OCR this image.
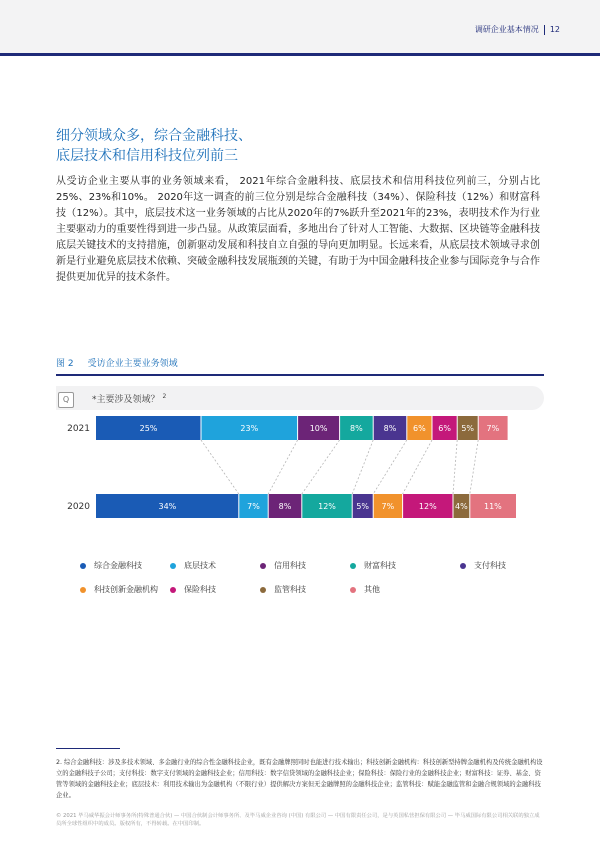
调研企业基本情况 12
细分领域众多，综合金融科技、
底层技术和信用科技位列前三
从受访企业主要从事的业务领域来看， 2021年综合金融科技、底层技术和信用科技位列前三，分别占比25%、23%和10%。 2020年这一调查的前三位分别是综合金融科技（34%）、保险科技（12%）和财富科技（12%）。其中，底层技术这一业务领域的占比从2020年的7%跃升至2021年的23%，表明技术作为行业主要驱动力的重要性得到进一步凸显。从政策层面看，多地出台了针对人工智能、大数据、区块链等金融科技底层关键技术的支持措施，创新驱动发展和科技自立自强的导向更加明显。长远来看，从底层技术领域寻求创新是行业避免底层技术依赖、突破金融科技发展瓶颈的关键，有助于为中国金融科技企业参与国际竞争与合作提供更加优异的技术条件。
图 2 受访企业主要业务领域
Q	*主要涉及领域？ $^2$
2021	25%	23%	10%	8%	8% 6% 6% 5% 7%
2020	34%	7% 8%	12%	5% 7%	12% 4% 11%
综合金融科技	底层技术	信用科技	财富科技	支付科技
科技创新金融机构	保险科技	监管科技	其他
2. 综合金融科技：涉及多技术领域、多金融行业的综合性金融科技企业，既有金融牌照同时也能进行技术输出；科技创新金融机构：科技创新型持牌金融机构及传统金融机构设立的金融科技子公司；支付科技：数字支付领域的金融科技企业；信用科技：数字信贷领域的金融科技企业；保险科技：保险行业的金融科技企业；财富科技：证券、基金、资管等领域的金融科技企业；底层技术：利用技术输出为金融机构（不限行业）提供解决方案但无金融牌照的金融科技企业；监管科技：赋能金融监管和金融合规领域的金融科技企业。
© 2021 毕马威华振会计师事务所(特殊普通合伙) — 中国合伙制会计师事务所、及毕马威企业咨询 (中国) 有限公司 — 中国有限责任公司，是与英国私营担保有限公司 — 毕马威国际有限公司相关联的独立成员所全球性组织中的成员。版权所有，不得转载。在中国印制。
